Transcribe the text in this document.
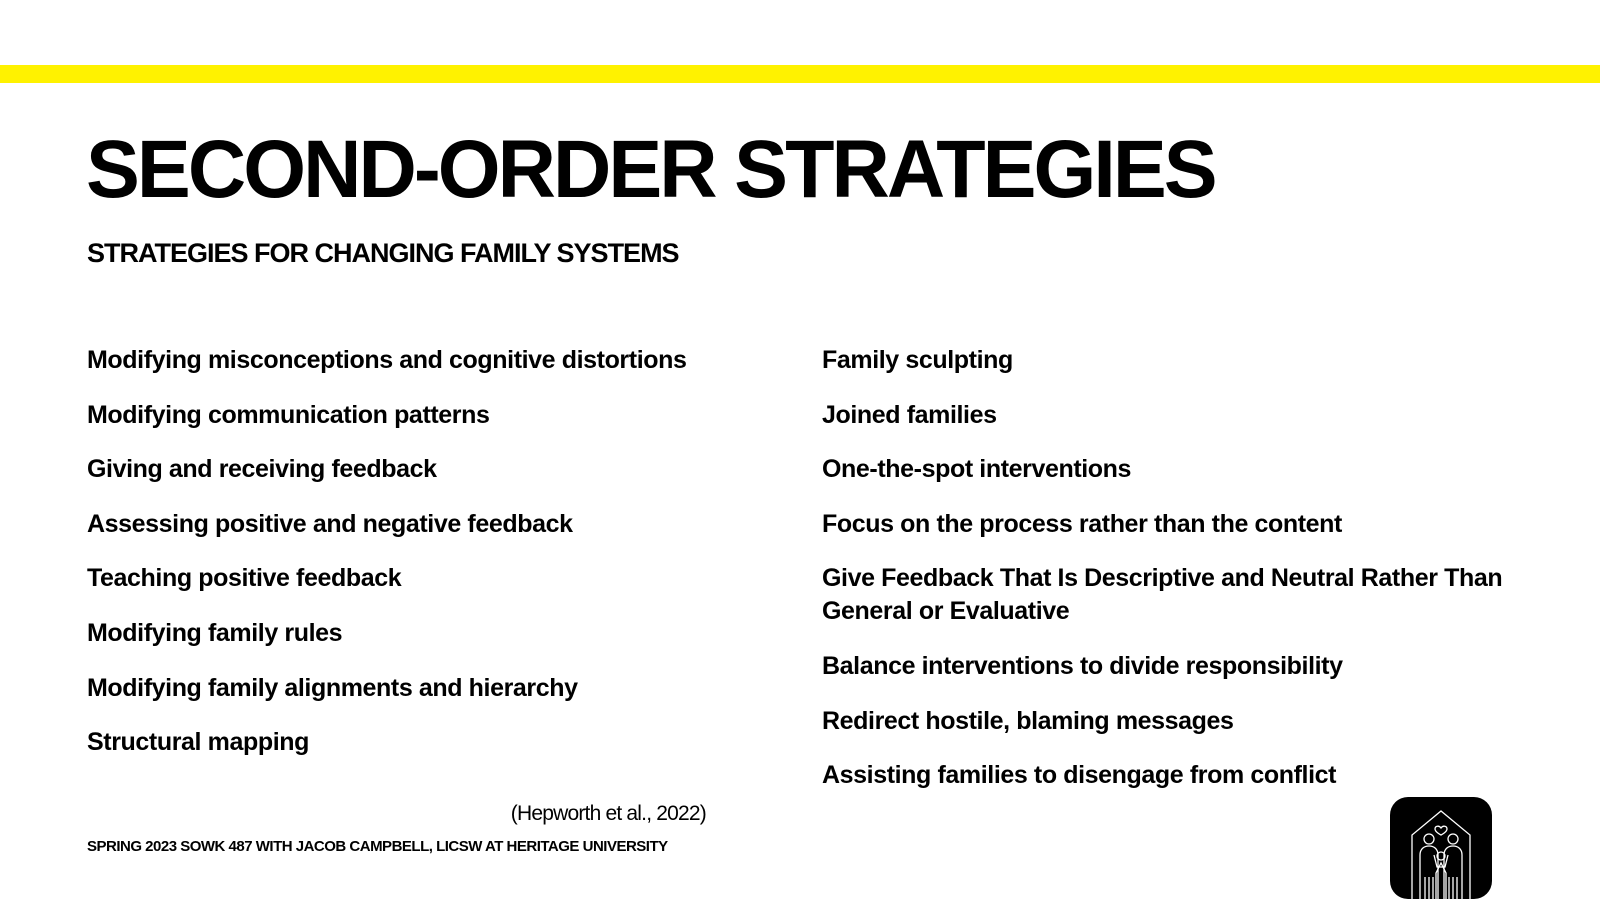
SECOND-ORDER STRATEGIES
STRATEGIES FOR CHANGING FAMILY SYSTEMS
Modifying misconceptions and cognitive distortions
Modifying communication patterns
Giving and receiving feedback
Assessing positive and negative feedback
Teaching positive feedback
Modifying family rules
Modifying family alignments and hierarchy
Structural mapping
Family sculpting
Joined families
One-the-spot interventions
Focus on the process rather than the content
Give Feedback That Is Descriptive and Neutral Rather Than General or Evaluative
Balance interventions to divide responsibility
Redirect hostile, blaming messages
Assisting families to disengage from conflict
(Hepworth et al., 2022)
SPRING 2023 SOWK 487 WITH JACOB CAMPBELL, LICSW AT HERITAGE UNIVERSITY
